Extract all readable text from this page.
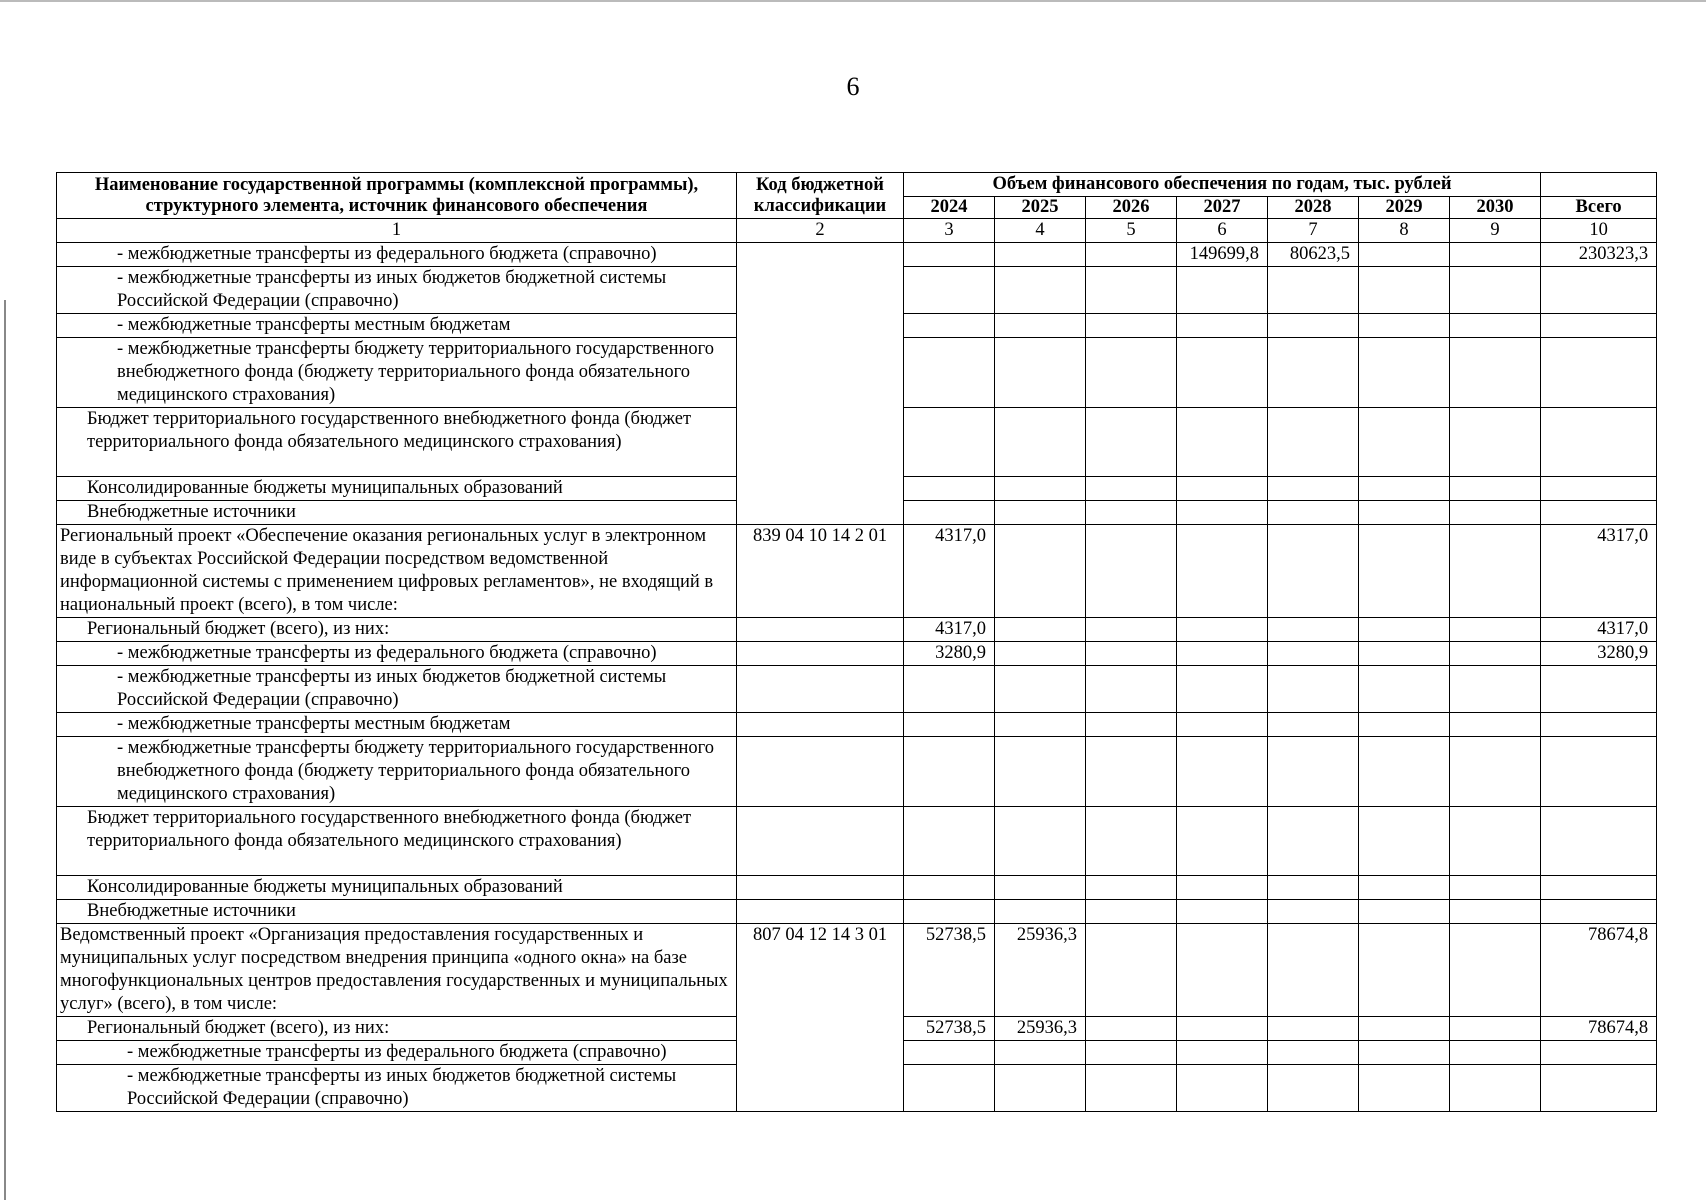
6
Наименование государственной программы (комплексной программы), структурного элемента, источник финансового обеспечения	Код бюджетной классификации	Объем финансового обеспечения по годам, тыс. рублей							
		2024	2025	2026	2027	2028	2029	2030	Всего
1	2	3	4	5	6	7	8	9	10
- межбюджетные трансферты из федерального бюджета (справочно)					149699,8	80623,5			230323,3
- межбюджетные трансферты из иных бюджетов бюджетной системы Российской Федерации (справочно)									
- межбюджетные трансферты местным бюджетам									
- межбюджетные трансферты бюджету территориального государственного внебюджетного фонда (бюджету территориального фонда обязательного медицинского страхования)									
Бюджет территориального государственного внебюджетного фонда (бюджет территориального фонда обязательного медицинского страхования)									
Консолидированные бюджеты муниципальных образований									
Внебюджетные источники									
Региональный проект «Обеспечение оказания региональных услуг в электронном виде в субъектах Российской Федерации посредством ведомственной информационной системы с применением цифровых регламентов», не входящий в национальный проект (всего), в том числе:	839 04 10 14 2 01	4317,0							4317,0
Региональный бюджет (всего), из них:		4317,0							4317,0
- межбюджетные трансферты из федерального бюджета (справочно)		3280,9							3280,9
- межбюджетные трансферты из иных бюджетов бюджетной системы Российской Федерации (справочно)									
- межбюджетные трансферты местным бюджетам									
- межбюджетные трансферты бюджету территориального государственного внебюджетного фонда (бюджету территориального фонда обязательного медицинского страхования)									
Бюджет территориального государственного внебюджетного фонда (бюджет территориального фонда обязательного медицинского страхования)									
Консолидированные бюджеты муниципальных образований									
Внебюджетные источники									
Ведомственный проект «Организация предоставления государственных и муниципальных услуг посредством внедрения принципа «одного окна» на базе многофункциональных центров предоставления государственных и муниципальных услуг» (всего), в том числе:	807 04 12 14 3 01	52738,5	25936,3						78674,8
Региональный бюджет (всего), из них:		52738,5	25936,3						78674,8
- межбюджетные трансферты из федерального бюджета (справочно)									
- межбюджетные трансферты из иных бюджетов бюджетной системы Российской Федерации (справочно)									
